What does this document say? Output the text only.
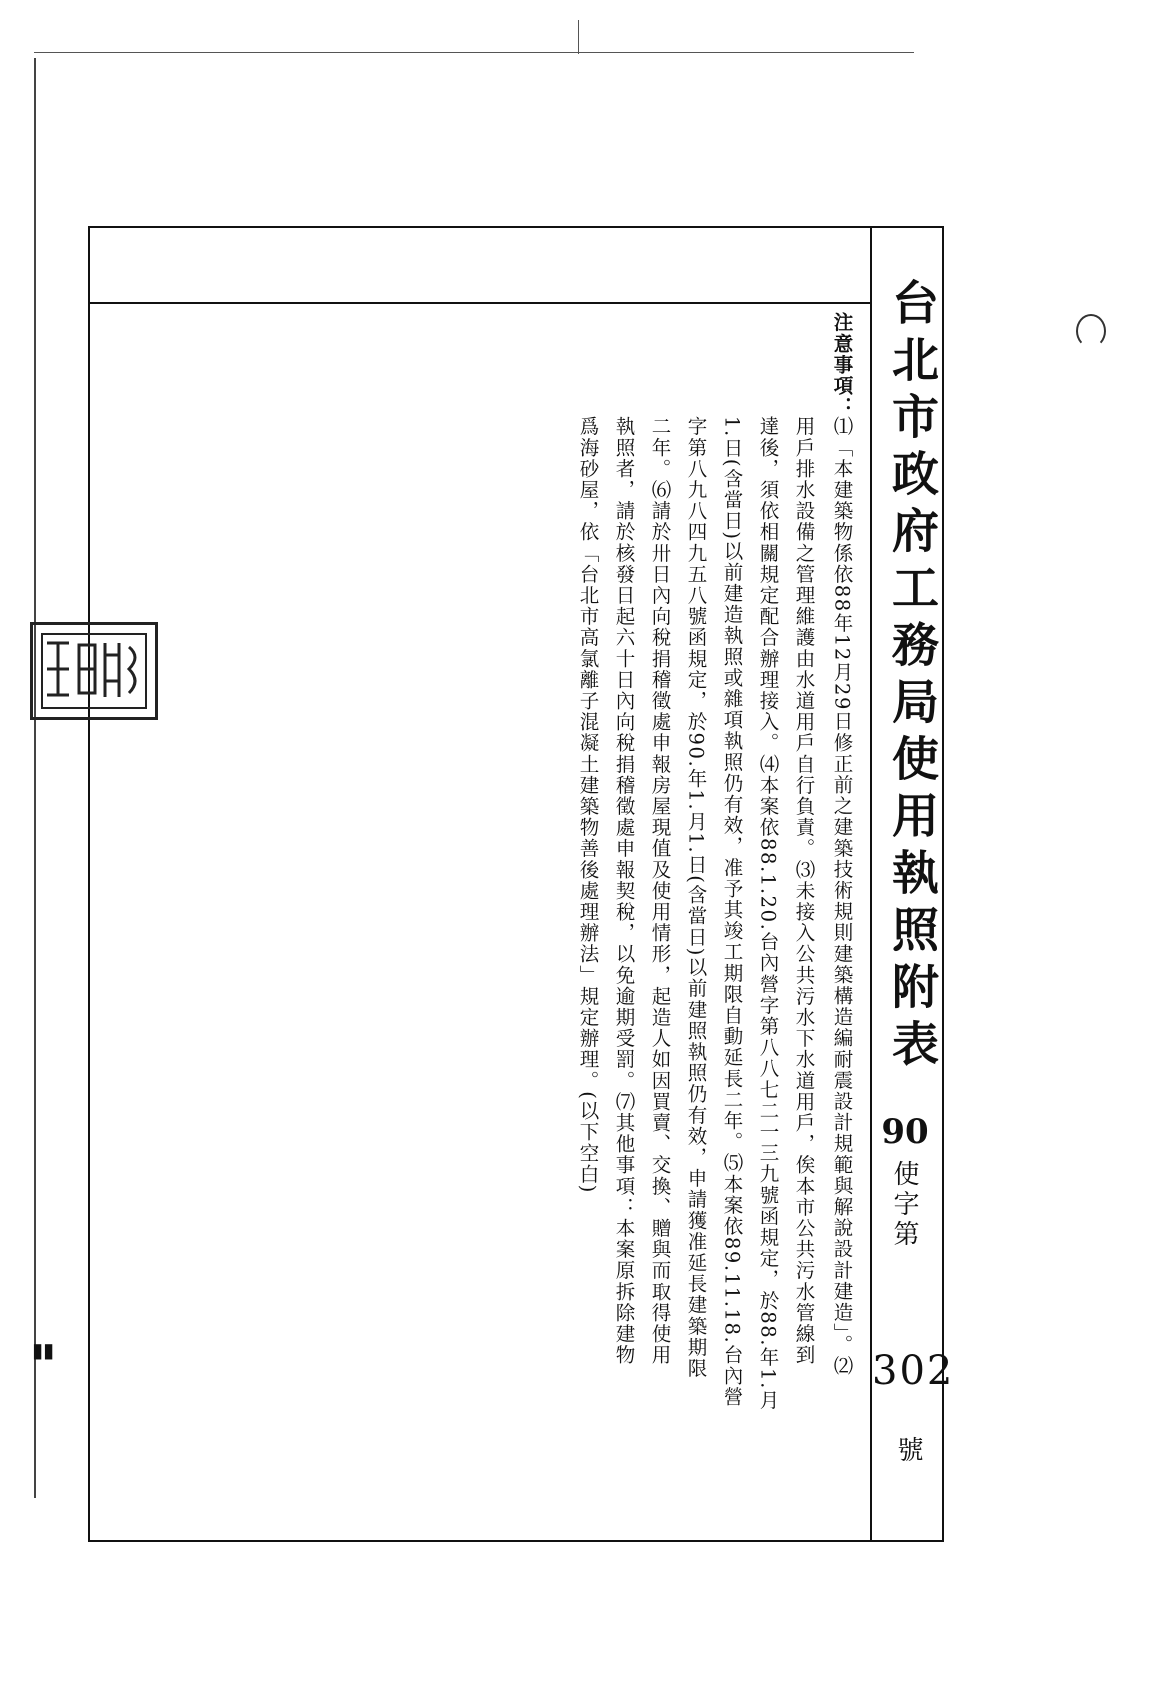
台北市政府工務局使用執照附表
90
使字第
302
號
注意事項：
⑴「本建築物係依88年12月29日修正前之建築技術規則建築構造編耐震設計規範與解說設計建造」。⑵
用戶排水設備之管理維護由水道用戶自行負責。⑶未接入公共污水下水道用戶，俟本市公共污水管線到
達後，須依相關規定配合辦理接入。⑷本案依88.1.20.台內營字第八八七二一三九號函規定，於88.年1.月
1.日(含當日)以前建造執照或雜項執照仍有效，准予其竣工期限自動延長二年。⑸本案依89.11.18.台內營
字第八九八四九五八號函規定，於90.年1.月1.日(含當日)以前建照執照仍有效，申請獲准延長建築期限
二年。⑹請於卅日內向稅捐稽徵處申報房屋現值及使用情形，起造人如因買賣、交換、贈與而取得使用
執照者，請於核發日起六十日內向稅捐稽徵處申報契稅，以免逾期受罰。⑺其他事項：本案原拆除建物
爲海砂屋，依「台北市高氯離子混凝土建築物善後處理辦法」規定辦理。(以下空白)
▮▮
